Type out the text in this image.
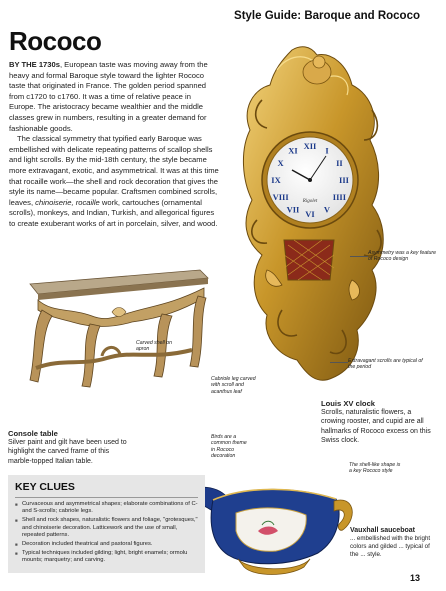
Style Guide: Baroque and Rococo
Rococo

BY THE 1730s, European taste was moving away from the heavy and formal Baroque style toward the lighter Rococo taste that originated in France. The golden period spanned from c1720 to c1760. It was a time of relative peace in Europe. The aristocracy became wealthier and the middle classes grew in numbers, resulting in a greater demand for fashionable goods.

The classical symmetry that typified early Baroque was embellished with delicate repeating patterns of scallop shells and light scrolls. By the mid-18th century, the style became more extravagant, exotic, and asymmetrical. It was at this time that rocaille work—the shell and rock decoration that gives the style its name—became popular. Craftsmen combined scrolls, leaves, chinoiserie, rocaille work, cartouches (ornamental scrolls), monkeys, and Indian, Turkish, and allegorical figures to create exuberant works of art in porcelain, silver, and wood.

XII I
II
III
IIII
V
VI
VII
VIII
IX
X
XI
Rigolet
Asymmetry was a key feature of Rococo design
Extravagant scrolls are typical of the period
Louis XV clock
Scrolls, naturalistic flowers, a crowing rooster, and cupid are all hallmarks of Rococo excess on this Swiss clock.
Carved shell on apron
Cabriole leg carved with scroll and acanthus leaf
Console table
Silver paint and gilt have been used to highlight the carved frame of this marble-topped Italian table.
Birds are a common theme in Rococo decoration
The shell-like shape is a key Rococo style
Vauxhall sauceboat
... embellished with the bright colors and gilded ... typical of the ... style.
KEY CLUES
■ Curvaceous and asymmetrical shapes; elaborate combinations of C- and S-scrolls; cabriole legs.
■ Shell and rock shapes, naturalistic flowers and foliage, "grotesques," and chinoiserie decoration. Latticework and the use of small, repeated patterns.
■ Decoration included theatrical and pastoral figures.
■ Typical techniques included gilding; light, bright enamels; ormolu mounts; marquetry; and carving.
13
